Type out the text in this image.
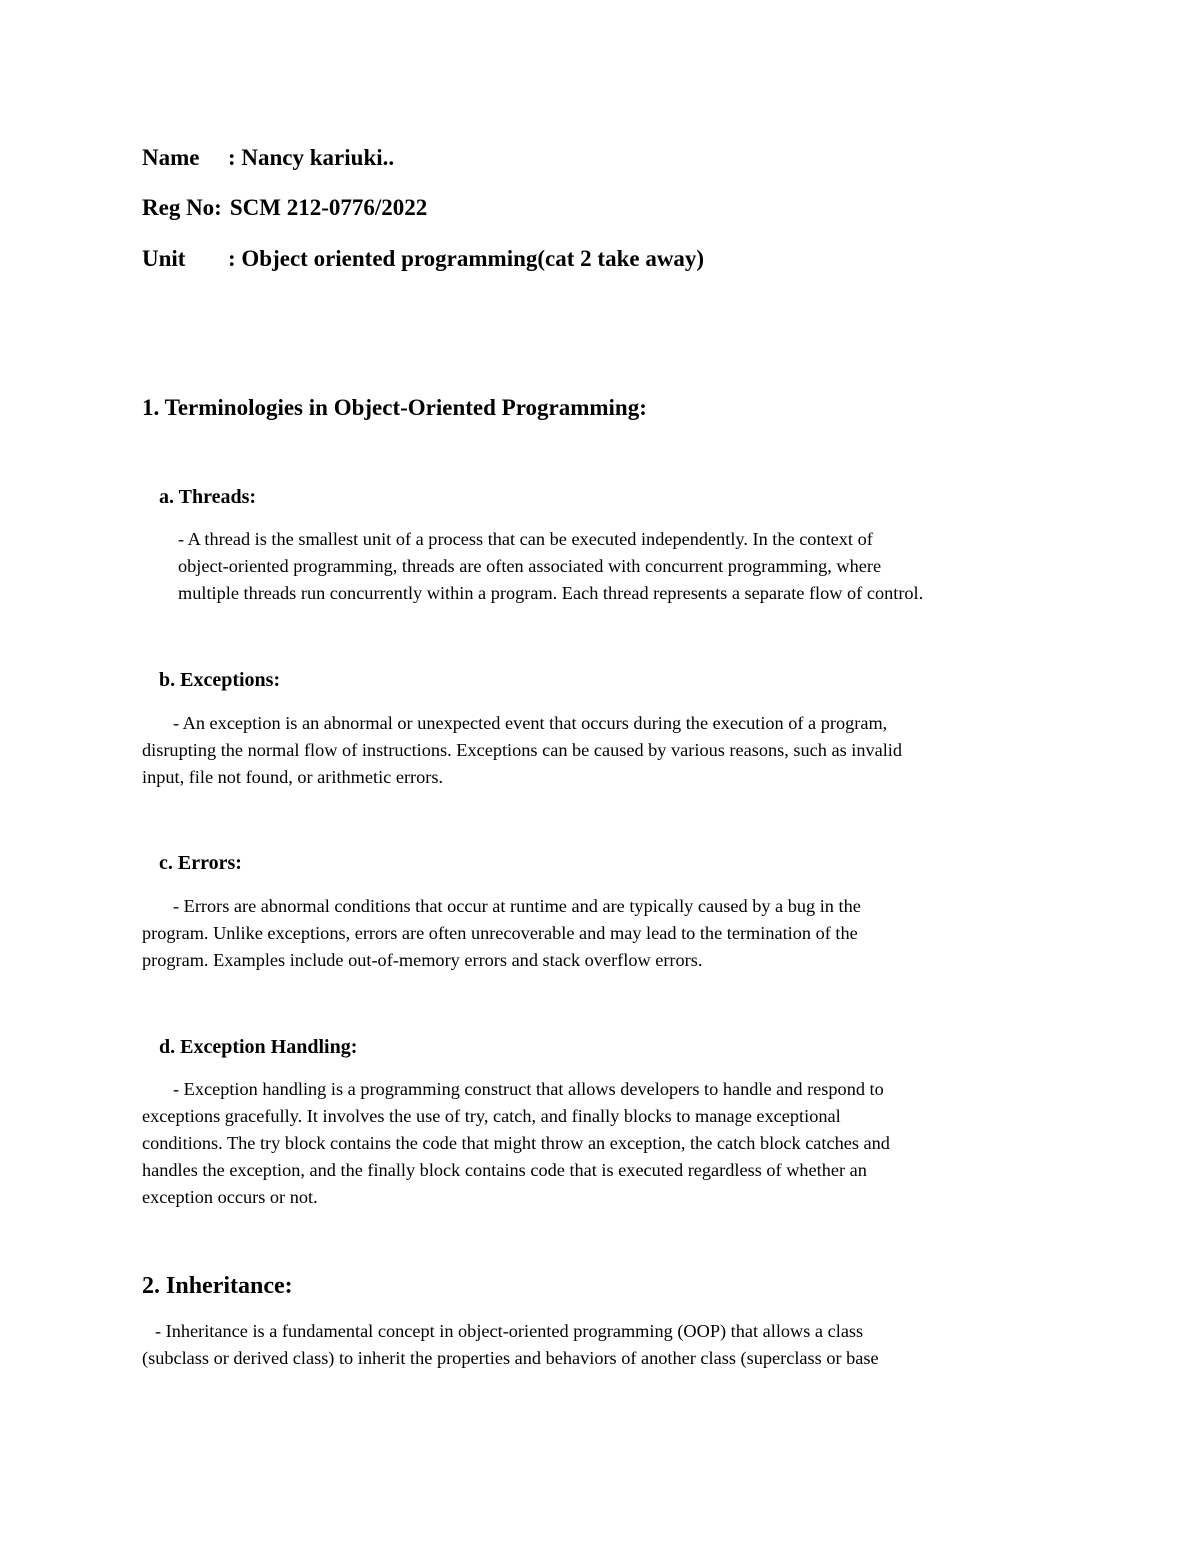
Name : Nancy kariuki..
Reg No: SCM 212-0776/2022
Unit : Object oriented programming(cat 2 take away)
1. Terminologies in Object-Oriented Programming:
a. Threads:
- A thread is the smallest unit of a process that can be executed independently. In the context of
object-oriented programming, threads are often associated with concurrent programming, where
multiple threads run concurrently within a program. Each thread represents a separate flow of control.
b. Exceptions:
- An exception is an abnormal or unexpected event that occurs during the execution of a program,
disrupting the normal flow of instructions. Exceptions can be caused by various reasons, such as invalid
input, file not found, or arithmetic errors.
c. Errors:
- Errors are abnormal conditions that occur at runtime and are typically caused by a bug in the
program. Unlike exceptions, errors are often unrecoverable and may lead to the termination of the
program. Examples include out-of-memory errors and stack overflow errors.
d. Exception Handling:
- Exception handling is a programming construct that allows developers to handle and respond to
exceptions gracefully. It involves the use of try, catch, and finally blocks to manage exceptional
conditions. The try block contains the code that might throw an exception, the catch block catches and
handles the exception, and the finally block contains code that is executed regardless of whether an
exception occurs or not.
2. Inheritance:
- Inheritance is a fundamental concept in object-oriented programming (OOP) that allows a class
(subclass or derived class) to inherit the properties and behaviors of another class (superclass or base
